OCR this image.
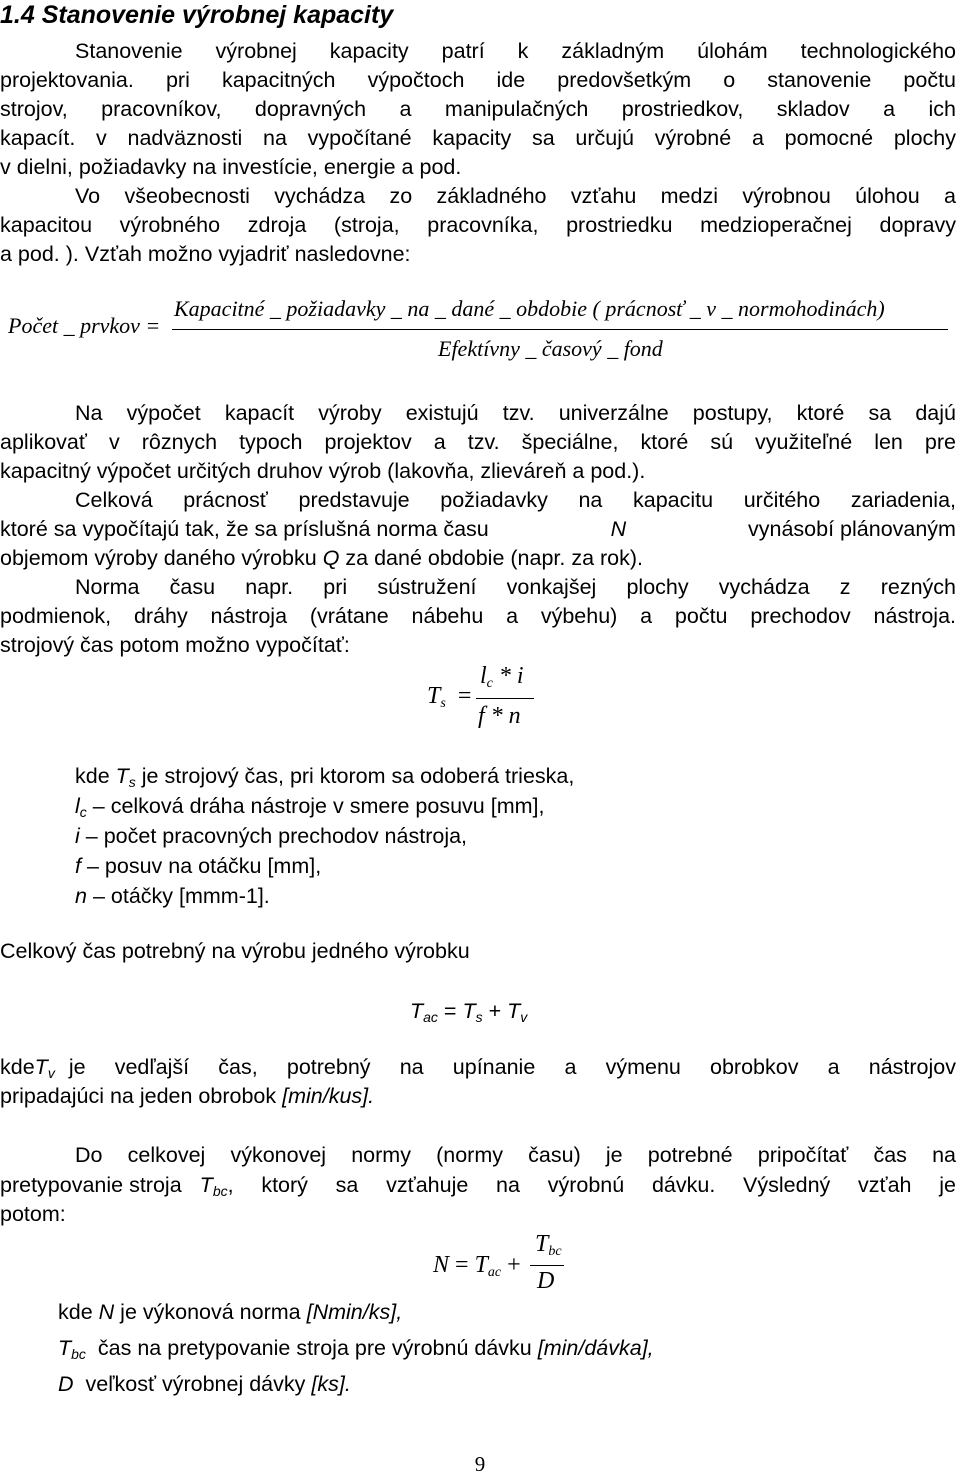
1.4 Stanovenie výrobnej kapacity
Stanovenie výrobnej kapacity patrí k základným úlohám technologického
projektovania. pri kapacitných výpočtoch ide predovšetkým o stanovenie počtu
strojov, pracovníkov, dopravných a manipulačných prostriedkov, skladov a ich
kapacít. v nadväznosti na vypočítané kapacity sa určujú výrobné a pomocné plochy
v dielni, požiadavky na investície, energie a pod.
Vo všeobecnosti vychádza zo základného vzťahu medzi výrobnou úlohou a
kapacitou výrobného zdroja (stroja, pracovníka, prostriedku medzioperačnej dopravy
a pod. ). Vzťah možno vyjadriť nasledovne:
Počet _ prvkov =
Kapacitné _ požiadavky _ na _ dané _ obdobie ( prácnosť _ v _ normohodinách)
Efektívny _ časový _ fond
Na výpočet kapacít výroby existujú tzv. univerzálne postupy, ktoré sa dajú
aplikovať v rôznych typoch projektov a tzv. špeciálne, ktoré sú využiteľné len pre
kapacitný výpočet určitých druhov výrob (lakovňa, zlieváreň a pod.).
Celková prácnosť predstavuje požiadavky na kapacitu určitého zariadenia,
ktoré sa vypočítajú tak, že sa príslušná norma času	N	vynásobí plánovaným
objemom výroby daného výrobku Q za dané obdobie (napr. za rok).
Norma času napr. pri sústružení vonkajšej plochy vychádza z rezných
podmienok, dráhy nástroja (vrátane nábehu a výbehu) a počtu prechodov nástroja.
strojový čas potom možno vypočítať:
$T_s$ =
$l_c$ * i
f * n
kde $T_s$ je strojový čas, pri ktorom sa odoberá trieska,
$l_c$ – celková dráha nástroje v smere posuvu [mm],
i – počet pracovných prechodov nástroja,
f – posuv na otáčku [mm],
n – otáčky [mmm-1].
Celkový čas potrebný na výrobu jedného výrobku
$T_{ac} = T_s + T_v$
kde $T_v$ je vedľajší čas, potrebný na upínanie a výmenu obrobkov a nástrojov
pripadajúci na jeden obrobok [min/kus].
Do celkovej výkonovej normy (normy času) je potrebné pripočítať čas na
pretypovanie stroja $T_{bc}$ , ktorý sa vzťahuje na výrobnú dávku. Výsledný vzťah je
potom:
$N = T_{ac}$ +
$T_{bc}$
D
kde N je výkonová norma [Nmin/ks],
$T_{bc}$ čas na pretypovanie stroja pre výrobnú dávku [min/dávka],
D veľkosť výrobnej dávky [ks].
9
